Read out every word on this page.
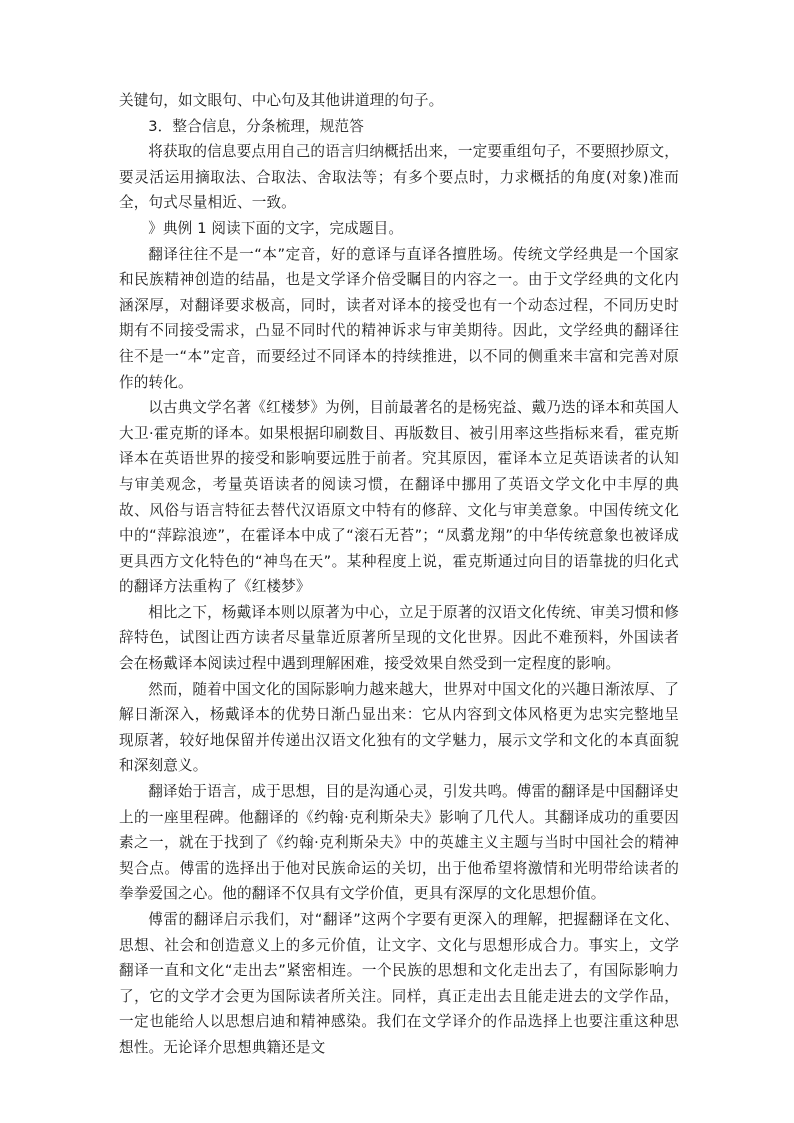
关键句，如文眼句、中心句及其他讲道理的句子。

3．整合信息，分条梳理，规范答

将获取的信息要点用自己的语言归纳概括出来，一定要重组句子，不要照抄原文，要灵活运用摘取法、合取法、舍取法等；有多个要点时，力求概括的角度(对象)准而全，句式尽量相近、一致。

》典例 1 阅读下面的文字，完成题目。

翻译往往不是一“本”定音，好的意译与直译各擅胜场。传统文学经典是一个国家和民族精神创造的结晶，也是文学译介倍受瞩目的内容之一。由于文学经典的文化内涵深厚，对翻译要求极高，同时，读者对译本的接受也有一个动态过程，不同历史时期有不同接受需求，凸显不同时代的精神诉求与审美期待。因此，文学经典的翻译往往不是一“本”定音，而要经过不同译本的持续推进，以不同的侧重来丰富和完善对原作的转化。

以古典文学名著《红楼梦》为例，目前最著名的是杨宪益、戴乃迭的译本和英国人大卫·霍克斯的译本。如果根据印刷数目、再版数目、被引用率这些指标来看，霍克斯译本在英语世界的接受和影响要远胜于前者。究其原因，霍译本立足英语读者的认知与审美观念，考量英语读者的阅读习惯，在翻译中挪用了英语文学文化中丰厚的典故、风俗与语言特征去替代汉语原文中特有的修辞、文化与审美意象。中国传统文化中的“萍踪浪迹”，在霍译本中成了“滚石无苔”；“凤翥龙翔”的中华传统意象也被译成更具西方文化特色的“神鸟在天”。某种程度上说，霍克斯通过向目的语靠拢的归化式的翻译方法重构了《红楼梦》

相比之下，杨戴译本则以原著为中心，立足于原著的汉语文化传统、审美习惯和修辞特色，试图让西方读者尽量靠近原著所呈现的文化世界。因此不难预料，外国读者会在杨戴译本阅读过程中遇到理解困难，接受效果自然受到一定程度的影响。

然而，随着中国文化的国际影响力越来越大，世界对中国文化的兴趣日渐浓厚、了解日渐深入，杨戴译本的优势日渐凸显出来：它从内容到文体风格更为忠实完整地呈现原著，较好地保留并传递出汉语文化独有的文学魅力，展示文学和文化的本真面貌和深刻意义。

翻译始于语言，成于思想，目的是沟通心灵，引发共鸣。傅雷的翻译是中国翻译史上的一座里程碑。他翻译的《约翰·克利斯朵夫》影响了几代人。其翻译成功的重要因素之一，就在于找到了《约翰·克利斯朵夫》中的英雄主义主题与当时中国社会的精神契合点。傅雷的选择出于他对民族命运的关切，出于他希望将激情和光明带给读者的拳拳爱国之心。他的翻译不仅具有文学价值，更具有深厚的文化思想价值。

傅雷的翻译启示我们，对“翻译”这两个字要有更深入的理解，把握翻译在文化、思想、社会和创造意义上的多元价值，让文字、文化与思想形成合力。事实上，文学翻译一直和文化“走出去”紧密相连。一个民族的思想和文化走出去了，有国际影响力了，它的文学才会更为国际读者所关注。同样，真正走出去且能走进去的文学作品，一定也能给人以思想启迪和精神感染。我们在文学译介的作品选择上也要注重这种思想性。无论译介思想典籍还是文
